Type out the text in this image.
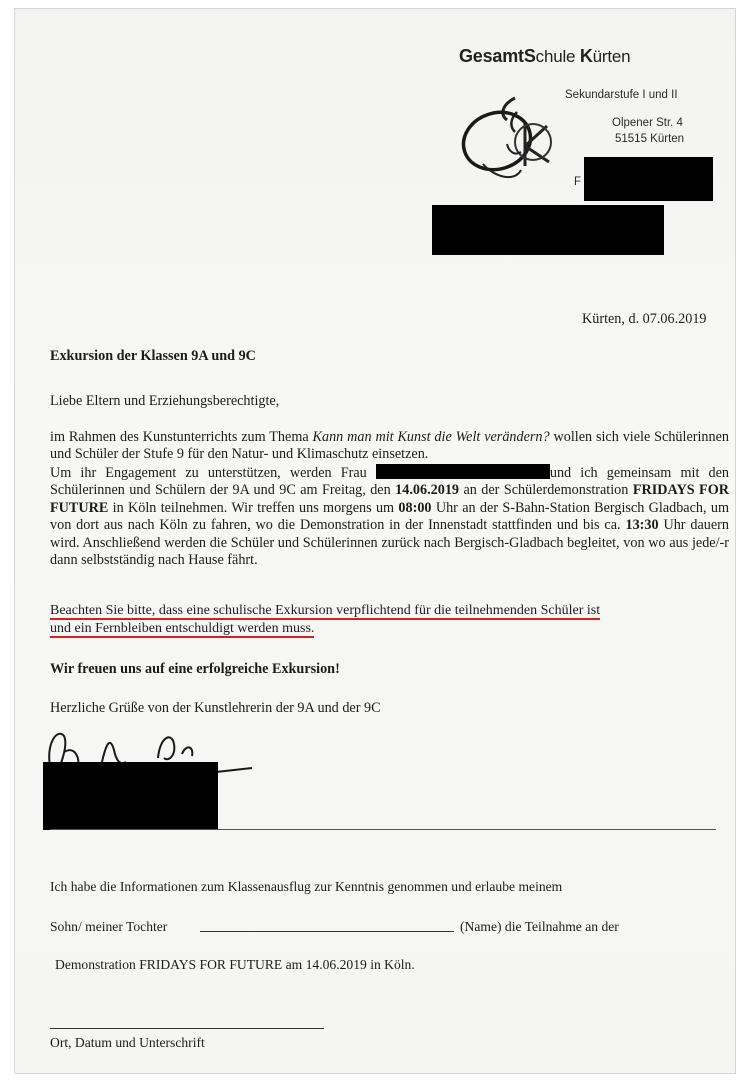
GesamtSchule Kürten
Sekundarstufe I und II
Olpener Str. 4
51515 Kürten
F
Kürten, d. 07.06.2019
Exkursion der Klassen 9A und 9C
Liebe Eltern und Erziehungsberechtigte,
im Rahmen des Kunstunterrichts zum Thema Kann man mit Kunst die Welt verändern? wollen sich viele Schülerinnen und Schüler der Stufe 9 für den Natur- und Klimaschutz einsetzen.
Um ihr Engagement zu unterstützen, werden Frau	und ich gemeinsam mit den Schülerinnen und Schülern der 9A und 9C am Freitag, den 14.06.2019 an der Schülerdemonstration FRIDAYS FOR FUTURE in Köln teilnehmen. Wir treffen uns morgens um 08:00 Uhr an der S-Bahn-Station Bergisch Gladbach, um von dort aus nach Köln zu fahren, wo die Demonstration in der Innenstadt stattfinden und bis ca. 13:30 Uhr dauern wird. Anschließend werden die Schüler und Schülerinnen zurück nach Bergisch-Gladbach begleitet, von wo aus jede/-r dann selbstständig nach Hause fährt.
Beachten Sie bitte, dass eine schulische Exkursion verpflichtend für die teilnehmenden Schüler ist
und ein Fernbleiben entschuldigt werden muss.
Wir freuen uns auf eine erfolgreiche Exkursion!
Herzliche Grüße von der Kunstlehrerin der 9A und der 9C
Ich habe die Informationen zum Klassenausflug zur Kenntnis genommen und erlaube meinem
Sohn/ meiner Tochter	(Name) die Teilnahme an der
Demonstration FRIDAYS FOR FUTURE am 14.06.2019 in Köln.
Ort, Datum und Unterschrift
